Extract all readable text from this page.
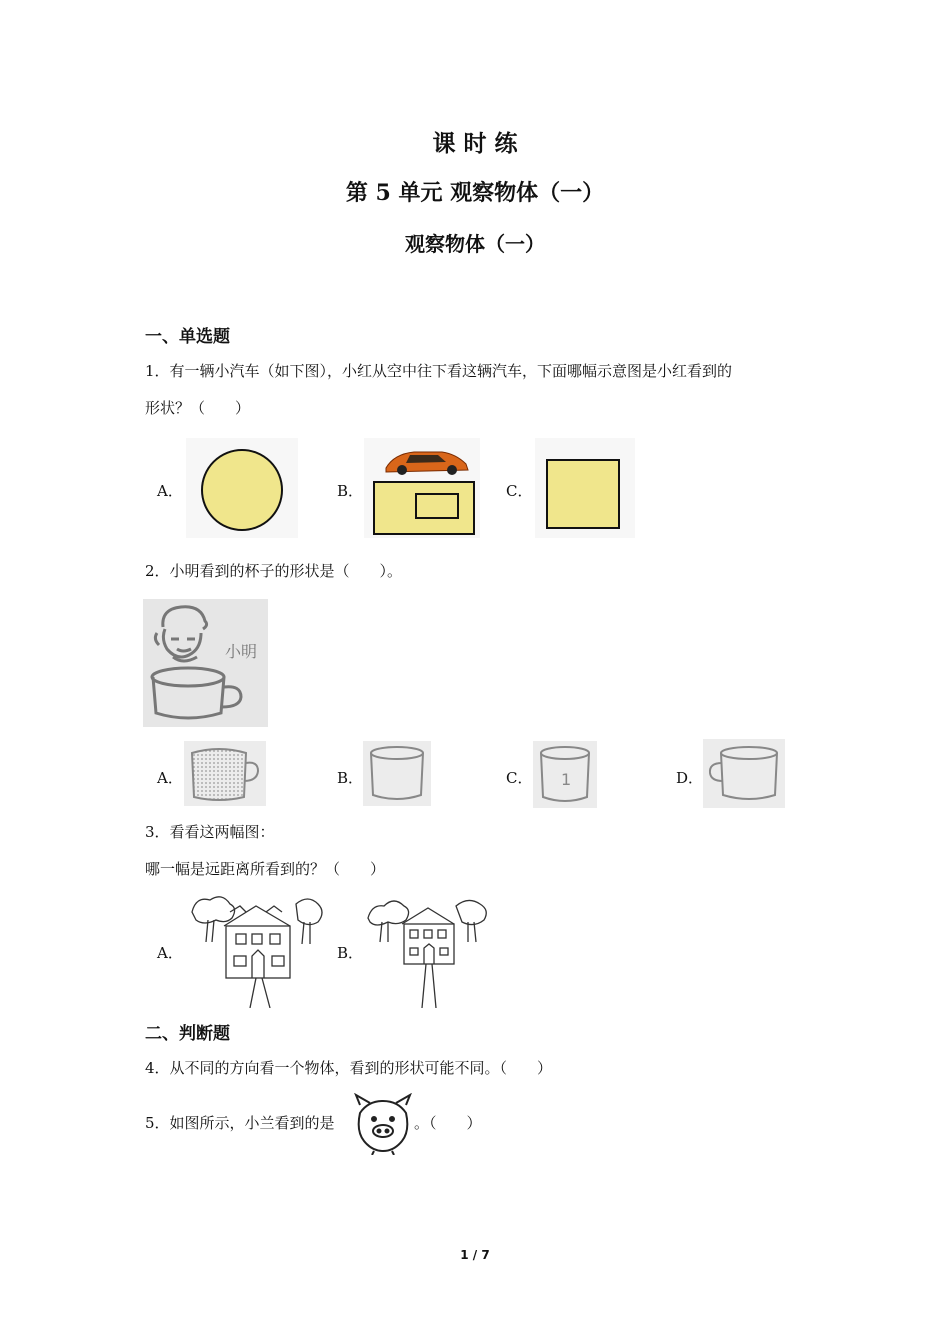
课 时 练
第 5 单元 观察物体（一）
观察物体（一）
一、单选题
1．有一辆小汽车（如下图），小红从空中往下看这辆汽车，下面哪幅示意图是小红看到的
形状？（　　）
A．	B．	C．
2．小明看到的杯子的形状是（　　）。
小明
A．	B．	C． 1	D．
3．看看这两幅图：
哪一幅是远距离所看到的？（　　）
A．	B．
二、判断题
4．从不同的方向看一个物体，看到的形状可能不同。（　　）
5．如图所示，小兰看到的是	。（　　）
1 / 7
